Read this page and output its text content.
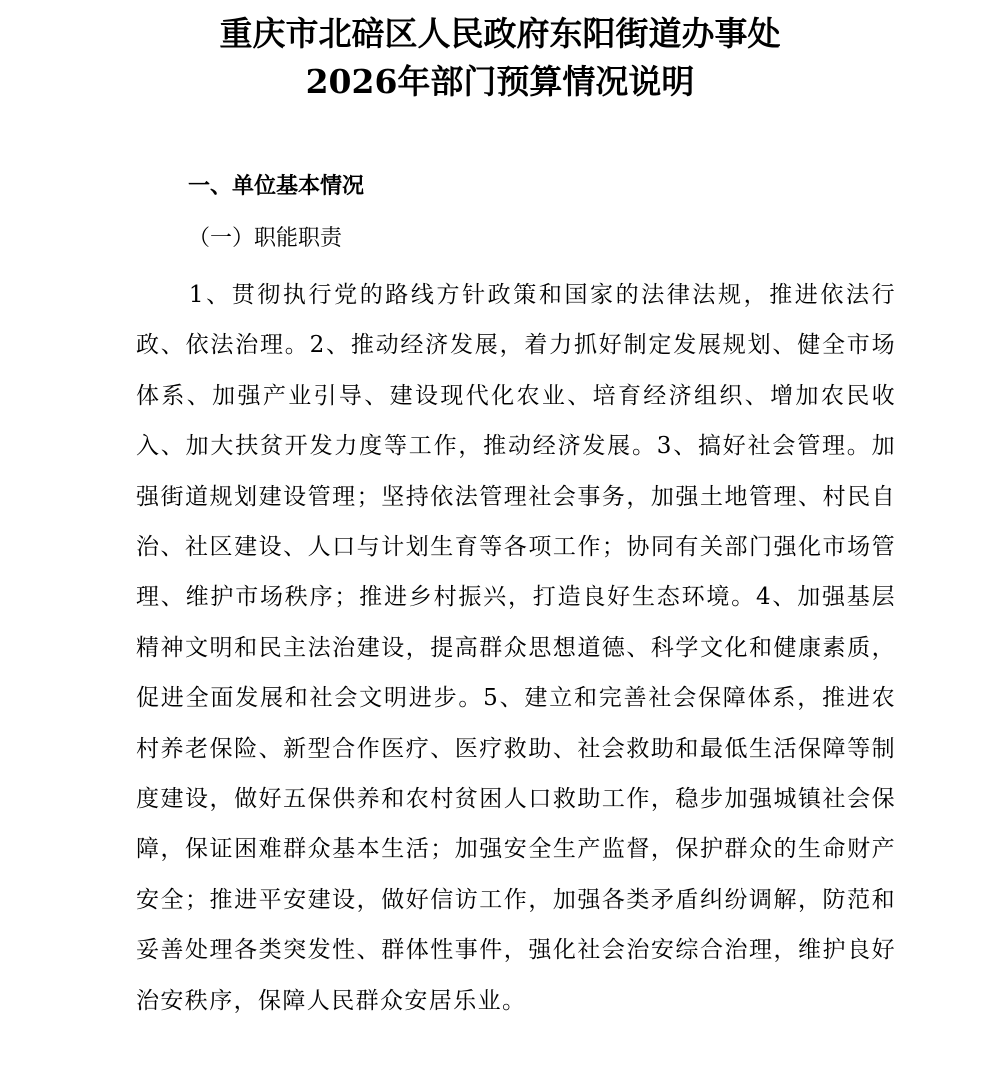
重庆市北碚区人民政府东阳街道办事处
2026年部门预算情况说明
一、单位基本情况
（一）职能职责

1、贯彻执行党的路线方针政策和国家的法律法规，推进依法行政、依法治理。2、推动经济发展，着力抓好制定发展规划、健全市场体系、加强产业引导、建设现代化农业、培育经济组织、增加农民收入、加大扶贫开发力度等工作，推动经济发展。3、搞好社会管理。加强街道规划建设管理；坚持依法管理社会事务，加强土地管理、村民自治、社区建设、人口与计划生育等各项工作；协同有关部门强化市场管理、维护市场秩序；推进乡村振兴，打造良好生态环境。4、加强基层精神文明和民主法治建设，提高群众思想道德、科学文化和健康素质，促进全面发展和社会文明进步。5、建立和完善社会保障体系，推进农村养老保险、新型合作医疗、医疗救助、社会救助和最低生活保障等制度建设，做好五保供养和农村贫困人口救助工作，稳步加强城镇社会保障，保证困难群众基本生活；加强安全生产监督，保护群众的生命财产安全；推进平安建设，做好信访工作，加强各类矛盾纠纷调解，防范和妥善处理各类突发性、群体性事件，强化社会治安综合治理，维护良好治安秩序，保障人民群众安居乐业。
